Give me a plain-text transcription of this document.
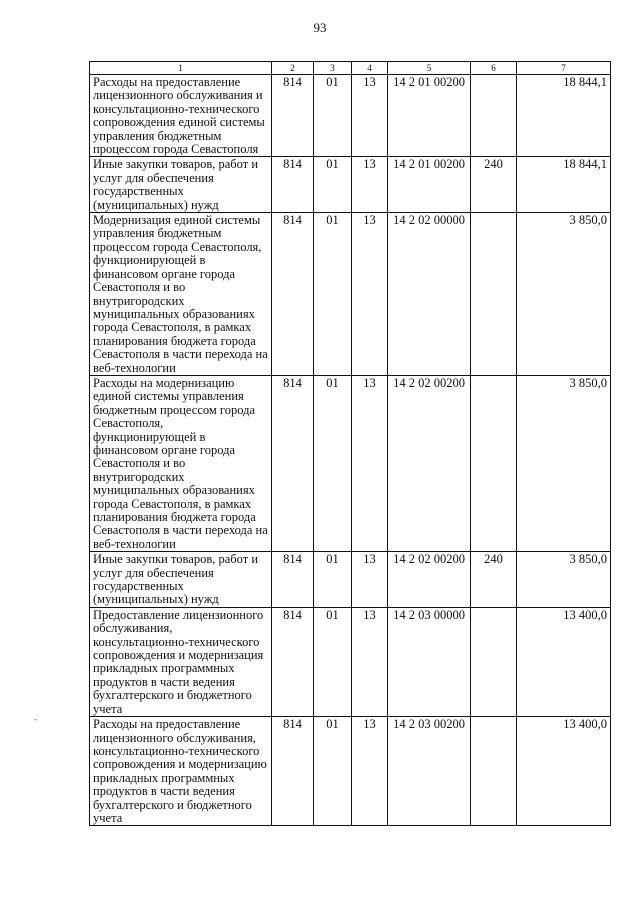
93
-
1	2	3	4	5	6	7
Расходы на предоставление лицензионного обслуживания и консультационно-технического сопровождения единой системы управления бюджетным процессом города Севастополя	814	01	13	14 2 01 00200		18 844,1
Иные закупки товаров, работ и услуг для обеспечения государственных (муниципальных) нужд	814	01	13	14 2 01 00200	240	18 844,1
Модернизация единой системы управления бюджетным процессом города Севастополя, функционирующей в финансовом органе города Севастополя и во внутригородских муниципальных образованиях города Севастополя, в рамках планирования бюджета города Севастополя в части перехода на веб-технологии	814	01	13	14 2 02 00000		3 850,0
Расходы на модернизацию единой системы управления бюджетным процессом города Севастополя, функционирующей в финансовом органе города Севастополя и во внутригородских муниципальных образованиях города Севастополя, в рамках планирования бюджета города Севастополя в части перехода на веб-технологии	814	01	13	14 2 02 00200		3 850,0
Иные закупки товаров, работ и услуг для обеспечения государственных (муниципальных) нужд	814	01	13	14 2 02 00200	240	3 850,0
Предоставление лицензионного обслуживания, консультационно-технического сопровождения и модернизация прикладных программных продуктов в части ведения бухгалтерского и бюджетного учета	814	01	13	14 2 03 00000		13 400,0
Расходы на предоставление лицензионного обслуживания, консультационно-технического сопровождения и модернизацию прикладных программных продуктов в части ведения бухгалтерского и бюджетного учета	814	01	13	14 2 03 00200		13 400,0
